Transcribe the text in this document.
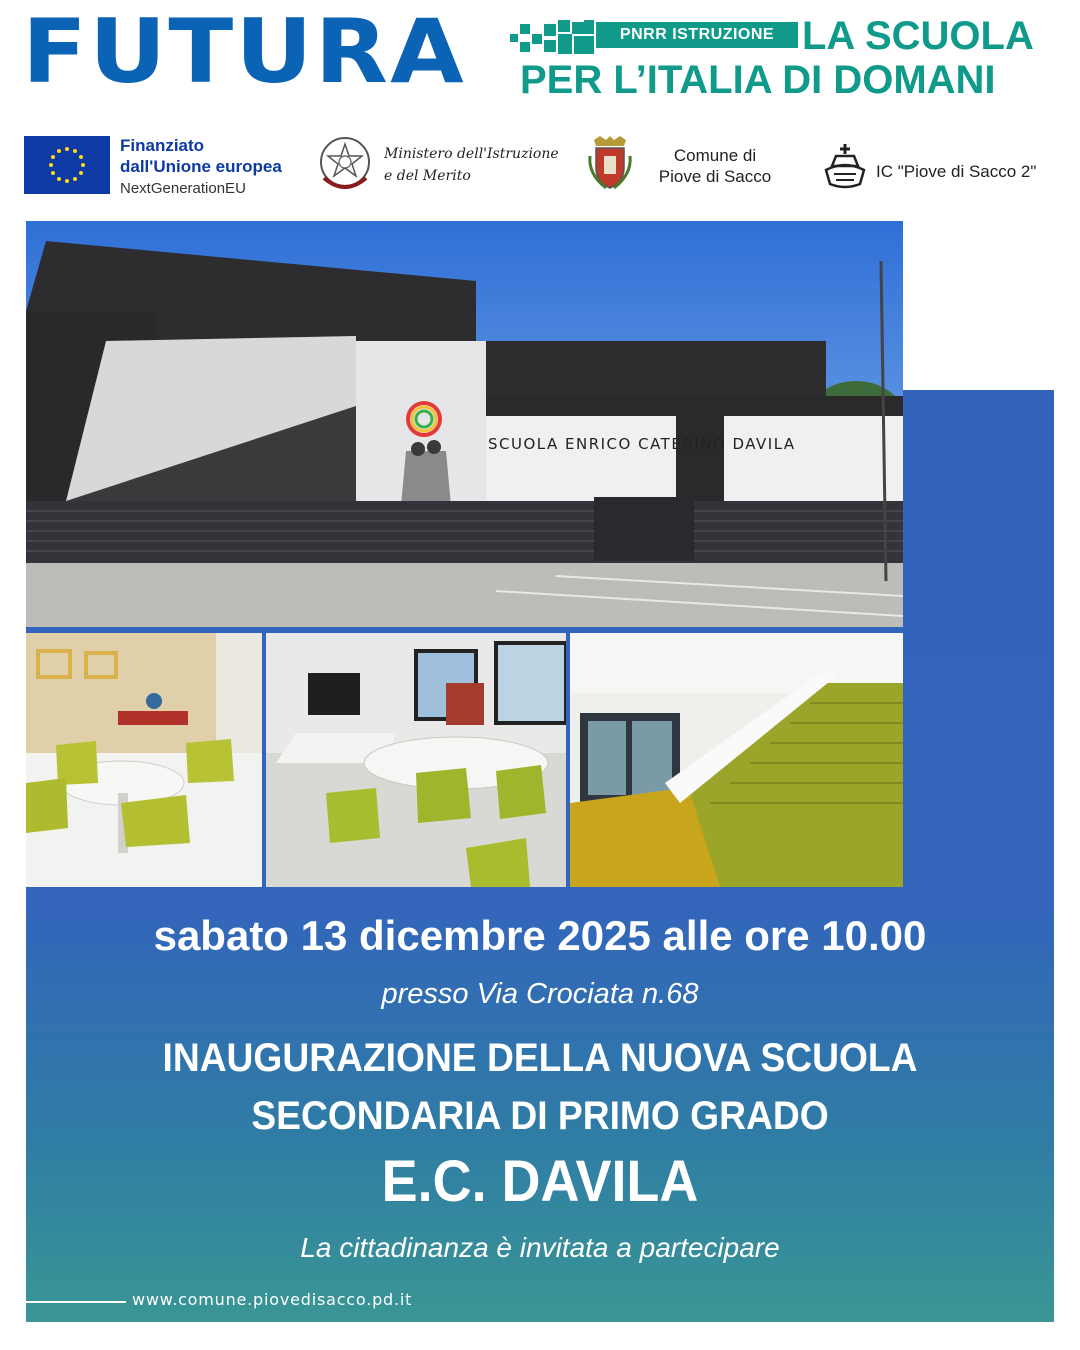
FUTURA	PNRR ISTRUZIONE LA SCUOLA
PER L’ITALIA DI DOMANI
Finanziato
dall'Unione europea
NextGenerationEU
Ministero dell'Istruzione
e del Merito
Comune di
Piove di Sacco	IC "Piove di Sacco 2"
SCUOLA ENRICO CATERINO DAVILA
sabato 13 dicembre 2025 alle ore 10.00
presso Via Crociata n.68
INAUGURAZIONE DELLA NUOVA SCUOLA
SECONDARIA DI PRIMO GRADO
E.C. DAVILA
La cittadinanza è invitata a partecipare
www.comune.piovedisacco.pd.it
